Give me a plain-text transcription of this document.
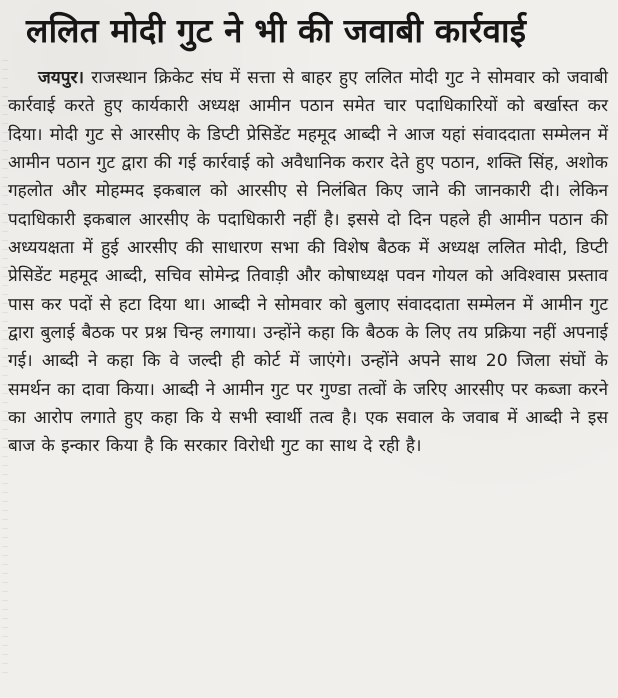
ललित मोदी गुट ने भी की जवाबी कार्रवाई

जयपुर। राजस्थान क्रिकेट संघ में सत्ता से बाहर हुए ललित मोदी गुट ने सोमवार को जवाबी कार्रवाई करते हुए कार्यकारी अध्यक्ष आमीन पठान समेत चार पदाधिकारियों को बर्खास्त कर दिया। मोदी गुट से आरसीए के डिप्टी प्रेसिडेंट महमूद आब्दी ने आज यहां संवाददाता सम्मेलन में आमीन पठान गुट द्वारा की गई कार्रवाई को अवैधानिक करार देते हुए पठान, शक्ति सिंह, अशोक गहलोत और मोहम्मद इकबाल को आरसीए से निलंबित किए जाने की जानकारी दी। लेकिन पदाधिकारी इकबाल आरसीए के पदाधिकारी नहीं है। इससे दो दिन पहले ही आमीन पठान की अध्ययक्षता में हुई आरसीए की साधारण सभा की विशेष बैठक में अध्यक्ष ललित मोदी, डिप्टी प्रेसिडेंट महमूद आब्दी, सचिव सोमेन्द्र तिवाड़ी और कोषाध्यक्ष पवन गोयल को अविश्वास प्रस्ताव पास कर पदों से हटा दिया था। आब्दी ने सोमवार को बुलाए संवाददाता सम्मेलन में आमीन गुट द्वारा बुलाई बैठक पर प्रश्न चिन्ह लगाया। उन्होंने कहा कि बैठक के लिए तय प्रक्रिया नहीं अपनाई गई। आब्दी ने कहा कि वे जल्दी ही कोर्ट में जाएंगे। उन्होंने अपने साथ 20 जिला संघों के समर्थन का दावा किया। आब्दी ने आमीन गुट पर गुण्डा तत्वों के जरिए आरसीए पर कब्जा करने का आरोप लगाते हुए कहा कि ये सभी स्वार्थी तत्व है। एक सवाल के जवाब में आब्दी ने इस बाज के इन्कार किया है कि सरकार विरोधी गुट का साथ दे रही है।
